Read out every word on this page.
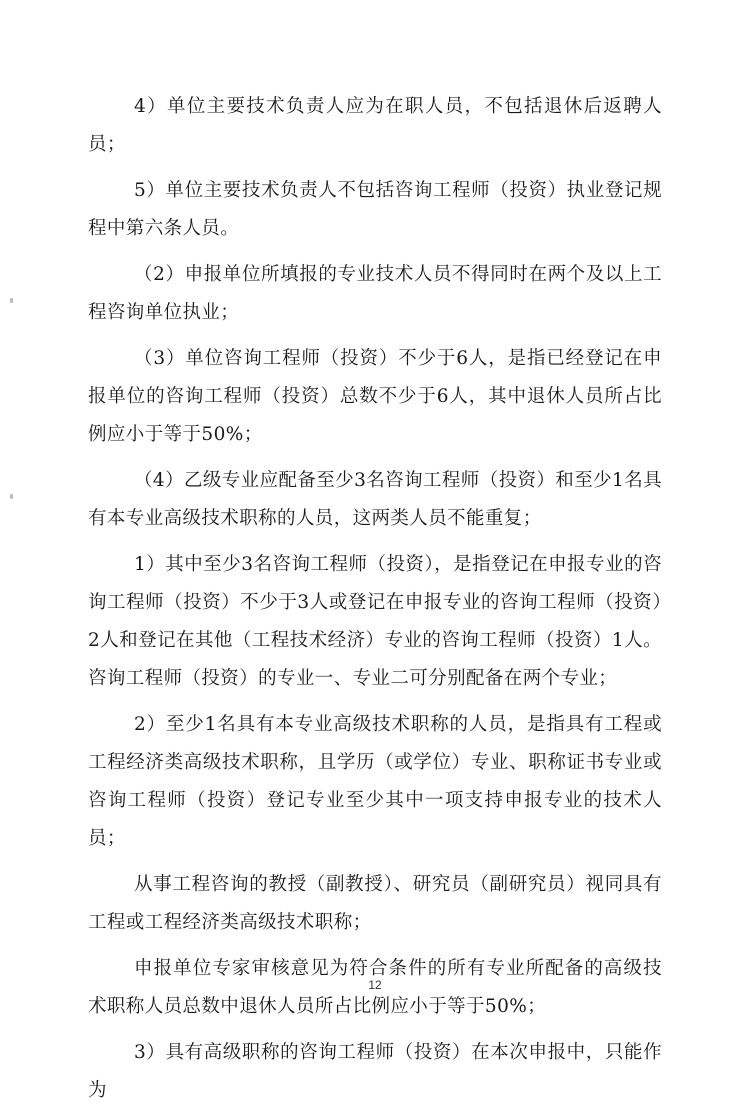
4）单位主要技术负责人应为在职人员，不包括退休后返聘人员；

5）单位主要技术负责人不包括咨询工程师（投资）执业登记规程中第六条人员。

（2）申报单位所填报的专业技术人员不得同时在两个及以上工程咨询单位执业；

（3）单位咨询工程师（投资）不少于6人，是指已经登记在申报单位的咨询工程师（投资）总数不少于6人，其中退休人员所占比例应小于等于50%；

（4）乙级专业应配备至少3名咨询工程师（投资）和至少1名具有本专业高级技术职称的人员，这两类人员不能重复；

1）其中至少3名咨询工程师（投资），是指登记在申报专业的咨询工程师（投资）不少于3人或登记在申报专业的咨询工程师（投资）2人和登记在其他（工程技术经济）专业的咨询工程师（投资）1人。咨询工程师（投资）的专业一、专业二可分别配备在两个专业；

2）至少1名具有本专业高级技术职称的人员，是指具有工程或工程经济类高级技术职称，且学历（或学位）专业、职称证书专业或咨询工程师（投资）登记专业至少其中一项支持申报专业的技术人员；

从事工程咨询的教授（副教授）、研究员（副研究员）视同具有工程或工程经济类高级技术职称；

申报单位专家审核意见为符合条件的所有专业所配备的高级技术职称人员总数中退休人员所占比例应小于等于50%；

3）具有高级职称的咨询工程师（投资）在本次申报中，只能作为

12
